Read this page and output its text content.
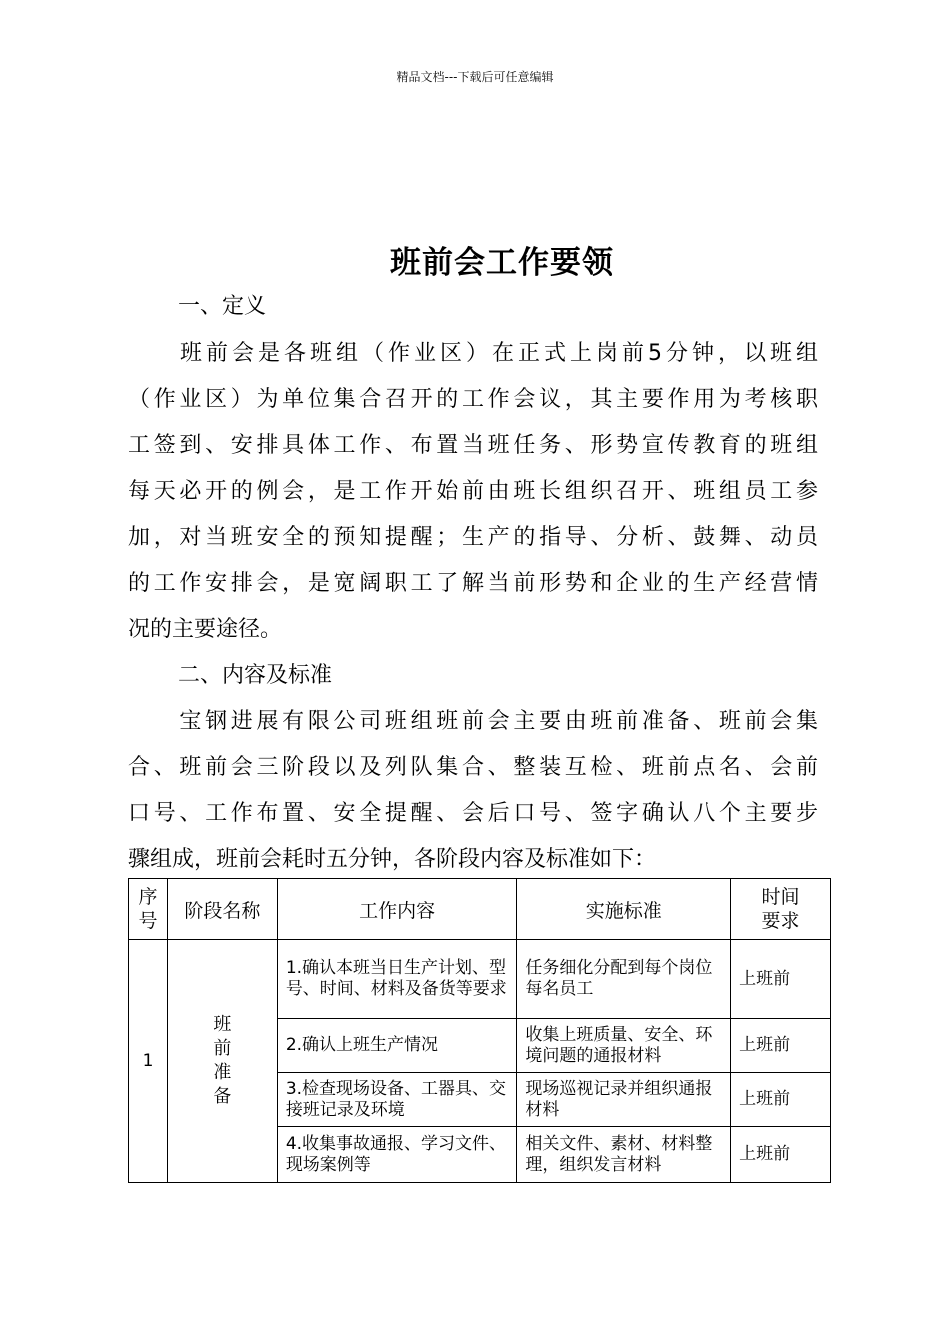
精品文档---下载后可任意编辑
班前会工作要领
一、定义
　　班前会是各班组（作业区）在正式上岗前5分钟，以班组
（作业区）为单位集合召开的工作会议，其主要作用为考核职
工签到、安排具体工作、布置当班任务、形势宣传教育的班组
每天必开的例会，是工作开始前由班长组织召开、班组员工参
加，对当班安全的预知提醒；生产的指导、分析、鼓舞、动员
的工作安排会，是宽阔职工了解当前形势和企业的生产经营情
况的主要途径。
二、内容及标准
　　宝钢进展有限公司班组班前会主要由班前准备、班前会集
合、班前会三阶段以及列队集合、整装互检、班前点名、会前
口号、工作布置、安全提醒、会后口号、签字确认八个主要步
骤组成，班前会耗时五分钟，各阶段内容及标准如下：
序号	阶段名称	工作内容	实施标准	时间要求
1	班前准备	1.确认本班当日生产计划、型号、时间、材料及备货等要求	任务细化分配到每个岗位每名员工	上班前
		2.确认上班生产情况	收集上班质量、安全、环境问题的通报材料	上班前
		3.检查现场设备、工器具、交接班记录及环境	现场巡视记录并组织通报材料	上班前
		4.收集事故通报、学习文件、现场案例等	相关文件、素材、材料整理，组织发言材料	上班前
